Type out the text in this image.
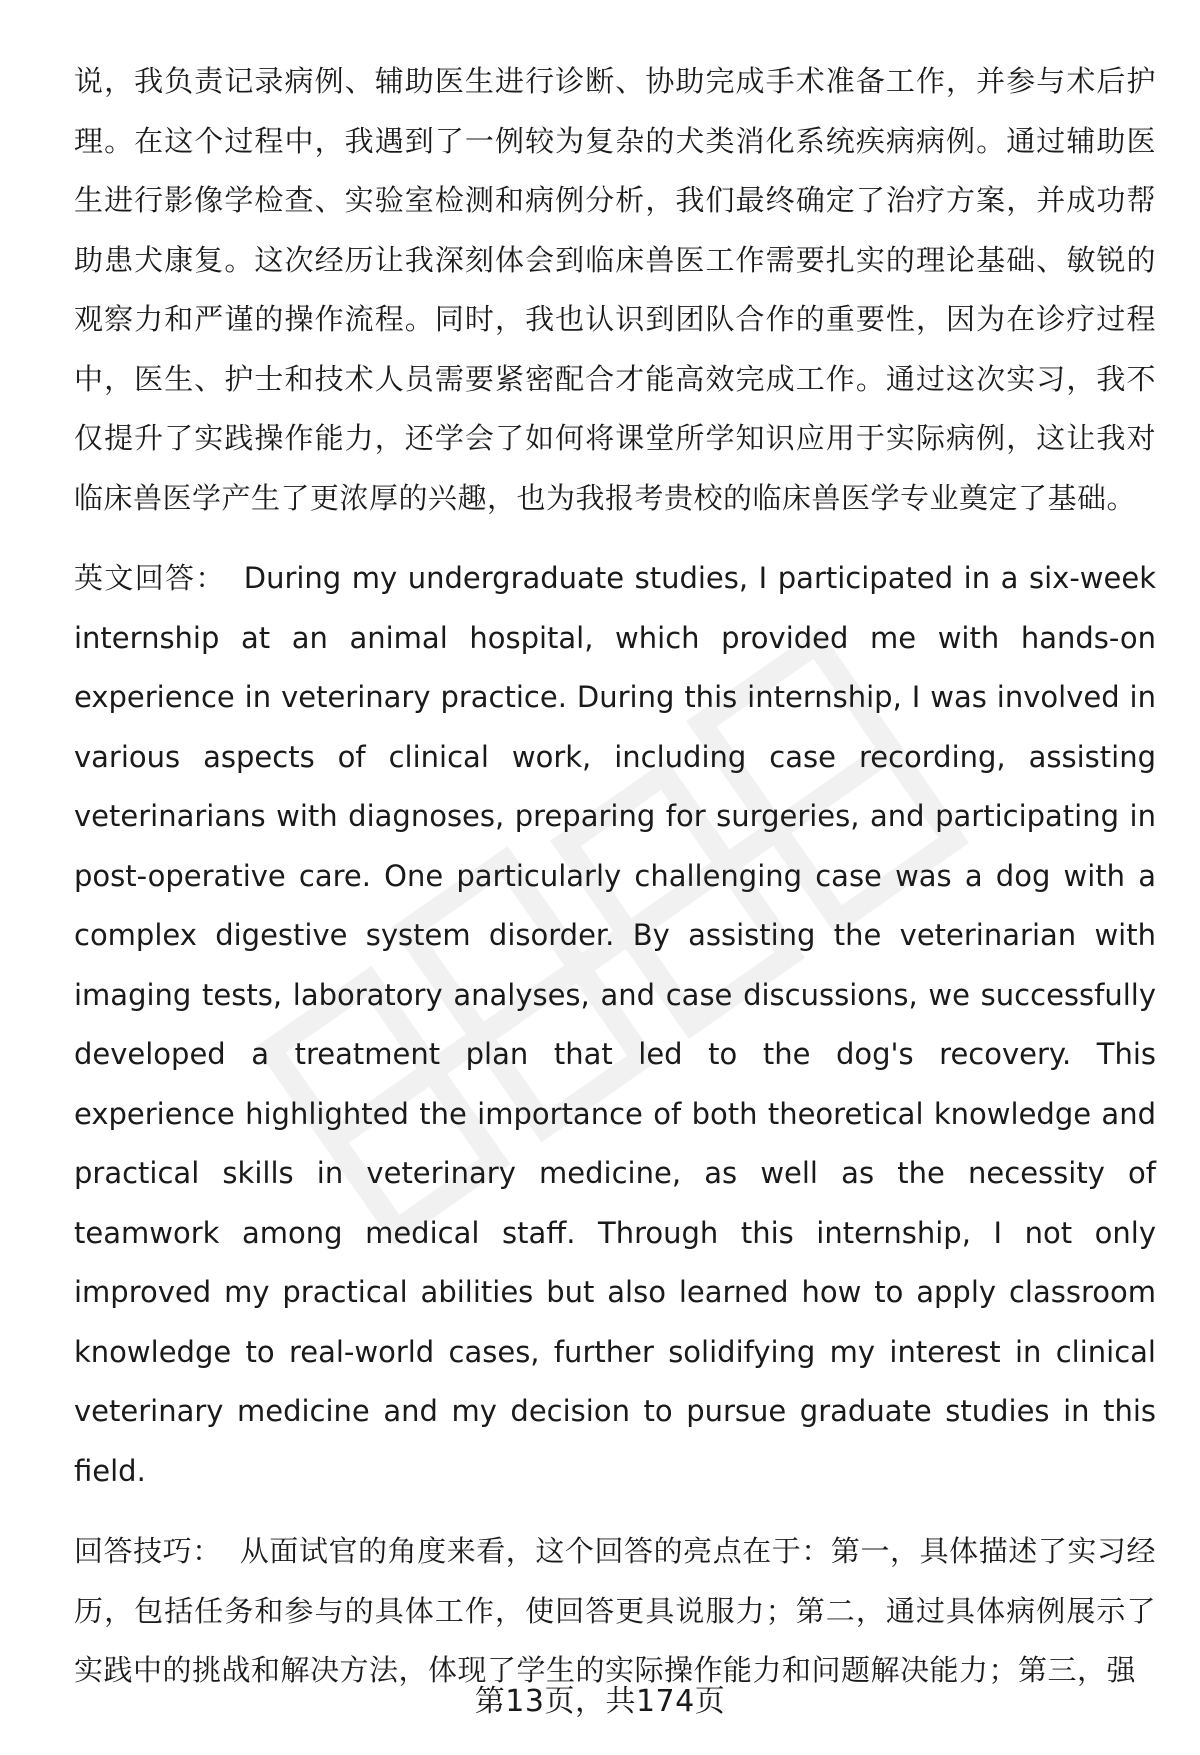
说，我负责记录病例、辅助医生进行诊断、协助完成手术准备工作，并参与术后护理。在这个过程中，我遇到了一例较为复杂的犬类消化系统疾病病例。通过辅助医生进行影像学检查、实验室检测和病例分析，我们最终确定了治疗方案，并成功帮助患犬康复。这次经历让我深刻体会到临床兽医工作需要扎实的理论基础、敏锐的观察力和严谨的操作流程。同时，我也认识到团队合作的重要性，因为在诊疗过程中，医生、护士和技术人员需要紧密配合才能高效完成工作。通过这次实习，我不仅提升了实践操作能力，还学会了如何将课堂所学知识应用于实际病例，这让我对临床兽医学产生了更浓厚的兴趣，也为我报考贵校的临床兽医学专业奠定了基础。

英文回答： During my undergraduate studies, I participated in a six-week internship at an animal hospital, which provided me with hands-on experience in veterinary practice. During this internship, I was involved in various aspects of clinical work, including case recording, assisting veterinarians with diagnoses, preparing for surgeries, and participating in post-operative care. One particularly challenging case was a dog with a complex digestive system disorder. By assisting the veterinarian with imaging tests, laboratory analyses, and case discussions, we successfully developed a treatment plan that led to the dog's recovery. This experience highlighted the importance of both theoretical knowledge and practical skills in veterinary medicine, as well as the necessity of teamwork among medical staff. Through this internship, I not only improved my practical abilities but also learned how to apply classroom knowledge to real-world cases, further solidifying my interest in clinical veterinary medicine and my decision to pursue graduate studies in this field.

回答技巧： 从面试官的角度来看，这个回答的亮点在于：第一，具体描述了实习经历，包括任务和参与的具体工作，使回答更具说服力；第二，通过具体病例展示了实践中的挑战和解决方法，体现了学生的实际操作能力和问题解决能力；第三，强

第13页，共174页
